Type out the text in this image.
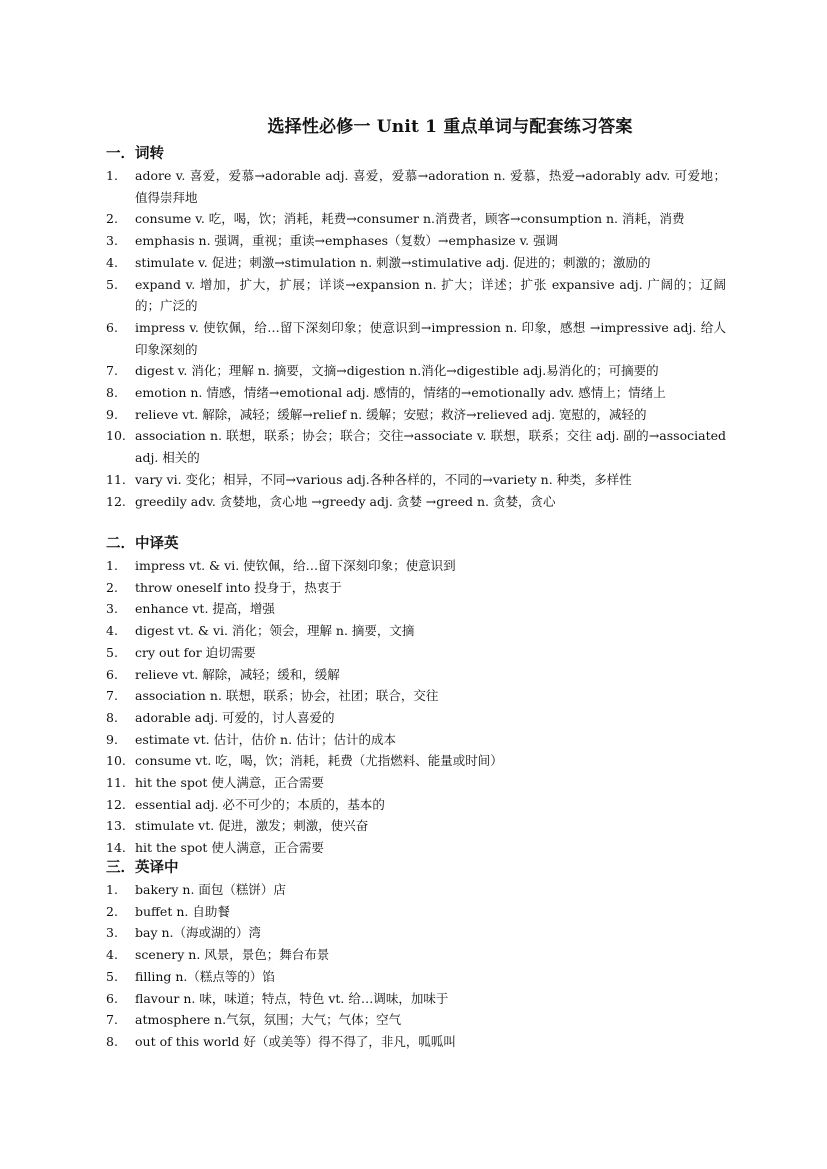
选择性必修一 Unit 1 重点单词与配套练习答案
一．词转
1.	adore v. 喜爱，爱慕→adorable adj. 喜爱，爱慕→adoration n. 爱慕，热爱→adorably adv. 可爱地；值得崇拜地
2.	consume v. 吃，喝，饮；消耗，耗费→consumer n.消费者，顾客→consumption n. 消耗，消费
3.	emphasis n. 强调，重视；重读→emphases（复数）→emphasize v. 强调
4.	stimulate v. 促进；刺激→stimulation n. 刺激→stimulative adj. 促进的；刺激的；激励的
5.	expand v. 增加，扩大，扩展；详谈→expansion n. 扩大；详述；扩张 expansive adj. 广阔的；辽阔的；广泛的
6.	impress v. 使钦佩，给…留下深刻印象；使意识到→impression n. 印象，感想 →impressive adj. 给人印象深刻的
7.	digest v. 消化；理解 n. 摘要，文摘→digestion n.消化→digestible adj.易消化的；可摘要的
8.	emotion n. 情感，情绪→emotional adj. 感情的，情绪的→emotionally adv. 感情上；情绪上
9.	relieve vt. 解除，减轻；缓解→relief n. 缓解；安慰；救济→relieved adj. 宽慰的，减轻的
10. association n. 联想，联系；协会；联合；交往→associate v. 联想，联系；交往 adj. 副的→associated adj. 相关的
11. vary vi. 变化；相异，不同→various adj.各种各样的，不同的→variety n. 种类，多样性
12. greedily adv. 贪婪地，贪心地 →greedy adj. 贪婪 →greed n. 贪婪，贪心
二．中译英
1.	impress vt. & vi. 使钦佩，给…留下深刻印象；使意识到
2.	throw oneself into 投身于，热衷于
3.	enhance vt. 提高，增强
4.	digest vt. & vi. 消化；领会，理解 n. 摘要，文摘
5.	cry out for 迫切需要
6.	relieve vt. 解除，减轻；缓和，缓解
7.	association n. 联想，联系；协会，社团；联合，交往
8.	adorable adj. 可爱的，讨人喜爱的
9.	estimate vt. 估计，估价 n. 估计；估计的成本
10. consume vt. 吃，喝，饮；消耗，耗费（尤指燃料、能量或时间）
11. hit the spot 使人满意，正合需要
12. essential adj. 必不可少的；本质的，基本的
13. stimulate vt. 促进，激发；刺激，使兴奋
14. hit the spot 使人满意，正合需要
三．英译中
1.	bakery n. 面包（糕饼）店
2.	buffet n. 自助餐
3.	bay n.（海或湖的）湾
4.	scenery n. 风景，景色；舞台布景
5.	filling n.（糕点等的）馅
6.	flavour n. 味，味道；特点，特色 vt. 给…调味，加味于
7.	atmosphere n.气氛，氛围；大气；气体；空气
8.	out of this world 好（或美等）得不得了，非凡，呱呱叫
